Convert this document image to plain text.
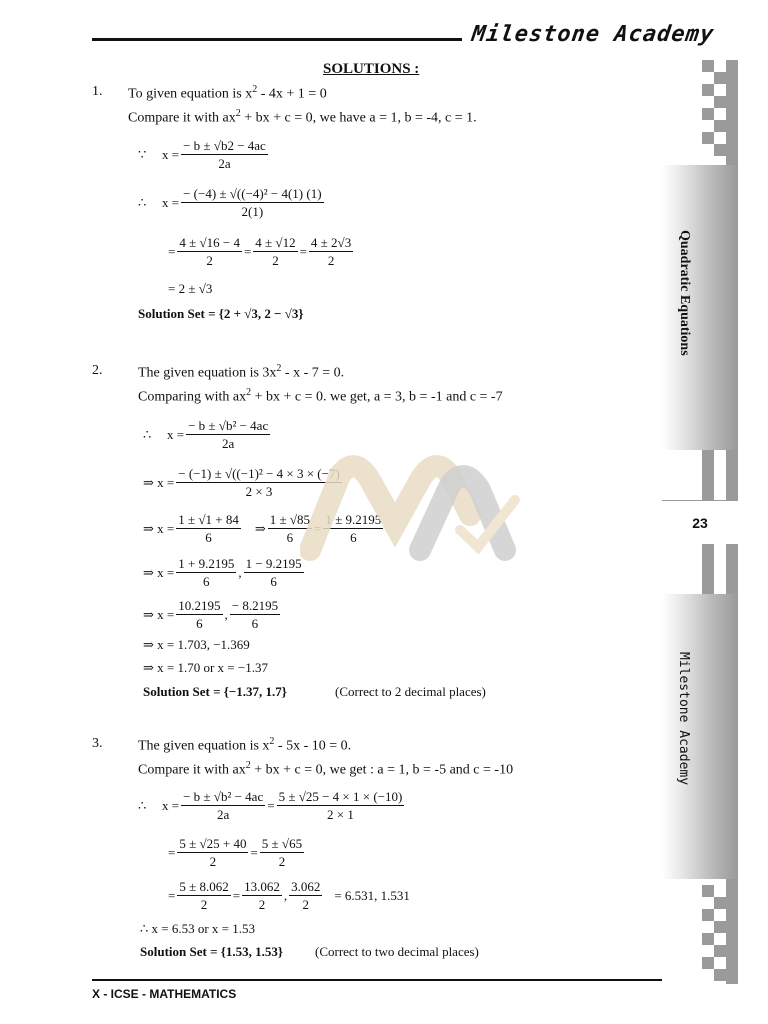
Milestone Academy
SOLUTIONS :
1. To given equation is $x^2 - 4x + 1 = 0$
Compare it with $ax^2$ + bx + c = 0, we have a = 1, b = -4, c = 1.
∵	$x = \frac{- b \pm √b2 - 4ac}{2a}$
∴	$x = \frac{\text{− (−4) ± √((−4)² − 4(1) (1)}}{2(1)}$
= $\frac{4 \pm √16 - 4}{2} = \frac{4 \pm √12}{2} = \frac{4 \pm 2√3}{2}$
= 2 ± √3
Solution Set = {2 + √3, 2 − √3}
2.	The given equation is $3x^2 - x - 7 = 0$.
Comparing with $ax^2$ + bx + c = 0. we get, a = 3, b = -1 and c = -7
∴	$x = \frac{\text{− b ± √b² − 4ac}}{2a}$
⇒ $x = \frac{\text{− (−1) ± √((−1)² − 4 × 3 × (−7)}}{2 \times 3}$
⇒ $x = \frac{1 \pm √1 + 84}{6}$ ⇒ $\frac{1 \pm √85}{6} = \frac{1 \pm 9.2195}{6}$
⇒ $x = \frac{1 + 9.2195}{6}$ , $\frac{1 - 9.2195}{6}$
⇒ $x = \frac{10.2195}{6}$ , $\frac{- 8.2195}{6}$
⇒ x = 1.703, −1.369
⇒ x = 1.70 or x = −1.37
Solution Set = {−1.37, 1.7}	(Correct to 2 decimal places)
3.	The given equation is $x^2 - 5x - 10 = 0$.
Compare it with $ax^2$ + bx + c = 0, we get : a = 1, b = -5 and c = -10
∴	$x = \frac{\text{− b ± √b² − 4ac}}{2a} = \frac{5 \pm √25 - 4 \times 1 \times (-10)}{2 \times 1}$
= $\frac{5 \pm √25 + 40}{2} = \frac{5 \pm √65}{2}$
= $\frac{5 \pm 8.062}{2} = \frac{13.062}{2}$ , $\frac{3.062}{2} = 6.531$, 1.531
∴ x = 6.53 or x = 1.53
Solution Set = {1.53, 1.53} (Correct to two decimal places)
Quadratic Equations
23
Milestone Academy
X - ICSE - MATHEMATICS
